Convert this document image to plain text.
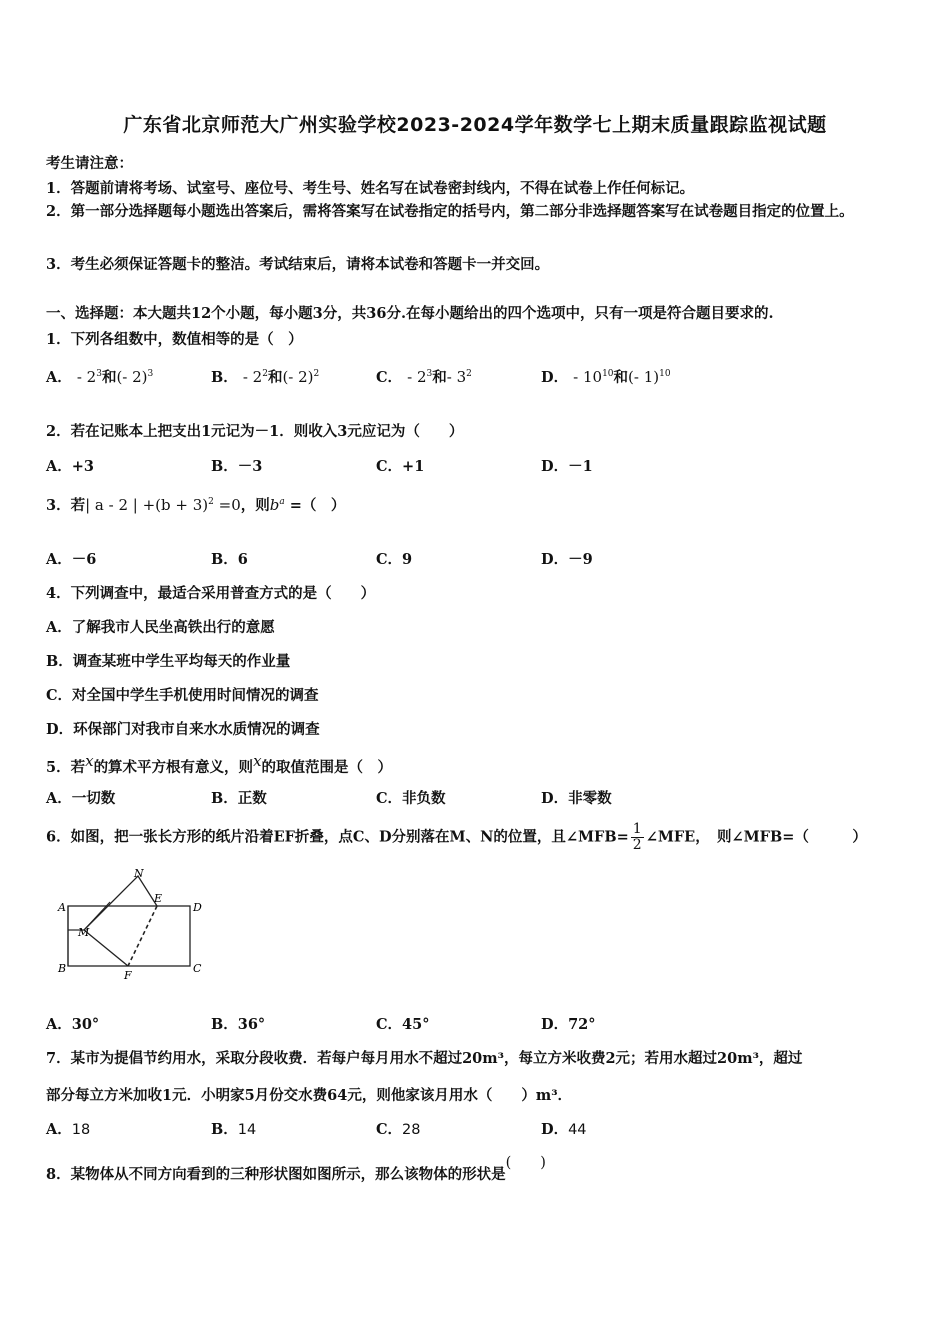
广东省北京师范大广州实验学校2023-2024学年数学七上期末质量跟踪监视试题
考生请注意：
1．答题前请将考场、试室号、座位号、考生号、姓名写在试卷密封线内，不得在试卷上作任何标记。
2．第一部分选择题每小题选出答案后，需将答案写在试卷指定的括号内，第二部分非选择题答案写在试卷题目指定的位置上。
3．考生必须保证答题卡的整洁。考试结束后，请将本试卷和答题卡一并交回。
一、选择题：本大题共12个小题，每小题3分，共36分.在每小题给出的四个选项中，只有一项是符合题目要求的.
1．下列各组数中，数值相等的是（　）
A． - $2^3$和(- 2)$^3$	B． - $2^2$和(- 2)$^2$	C． - $2^3$和- $3^2$	D． - $10^{10}$和(- 1)$^{10}$
2．若在记账本上把支出1元记为－1．则收入3元应记为（　　）
A．+3	B．－3	C．+1	D．－1
3．若| a - 2 | $+(b + 3)^2 =0$，则$b^a$ =（　）
A．－6	B．6	C．9	D．－9
4．下列调查中，最适合采用普查方式的是（　　）
A．了解我市人民坐高铁出行的意愿
B．调查某班中学生平均每天的作业量
C．对全国中学生手机使用时间情况的调查
D．环保部门对我市自来水水质情况的调查
5．若$^x$的算术平方根有意义，则$^x$的取值范围是（　）
A．一切数	B．正数	C．非负数	D．非零数
6．如图，把一张长方形的纸片沿着EF折叠，点C、D分别落在M、N的位置，且∠MFB= $\frac{1}{2}$ ∠MFE，　则∠MFB=（　　　）
A
B	C
D
E
F
M
N
A．30°	B．36°	C．45°	D．72°
7．某市为提倡节约用水，采取分段收费．若每户每月用水不超过20m³，每立方米收费2元；若用水超过20m³，超过
部分每立方米加收1元．小明家5月份交水费64元，则他家该月用水（　　）m³．
A．18	B．14	C．28	D．44
8．某物体从不同方向看到的三种形状图如图所示，那么该物体的形状是(　　)
